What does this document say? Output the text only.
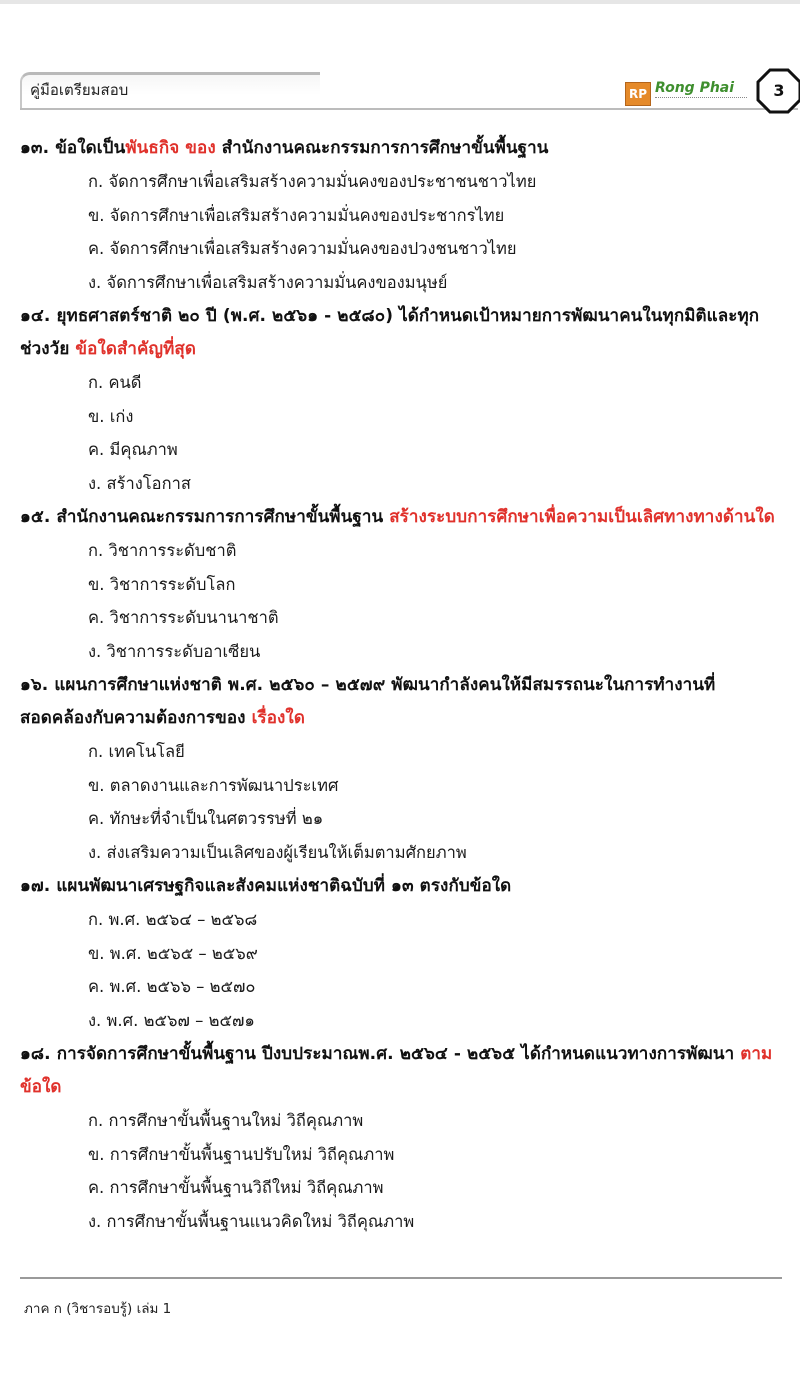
คู่มือเตรียมสอบ	RP Rong Phai	3
๑๓. ข้อใดเป็นพันธกิจ ของ สำนักงานคณะกรรมการการศึกษาขั้นพื้นฐาน
ก. จัดการศึกษาเพื่อเสริมสร้างความมั่นคงของประชาชนชาวไทย
ข. จัดการศึกษาเพื่อเสริมสร้างความมั่นคงของประชากรไทย
ค. จัดการศึกษาเพื่อเสริมสร้างความมั่นคงของปวงชนชาวไทย
ง. จัดการศึกษาเพื่อเสริมสร้างความมั่นคงของมนุษย์
๑๔. ยุทธศาสตร์ชาติ ๒๐ ปี (พ.ศ. ๒๕๖๑ - ๒๕๘๐) ได้กำหนดเป้าหมายการพัฒนาคนในทุกมิติและทุกช่วงวัย ข้อใดสำคัญที่สุด
ก. คนดี
ข. เก่ง
ค. มีคุณภาพ
ง. สร้างโอกาส
๑๕. สำนักงานคณะกรรมการการศึกษาขั้นพื้นฐาน สร้างระบบการศึกษาเพื่อความเป็นเลิศทางทางด้านใด
ก. วิชาการระดับชาติ
ข. วิชาการระดับโลก
ค. วิชาการระดับนานาชาติ
ง. วิชาการระดับอาเซียน
๑๖. แผนการศึกษาแห่งชาติ พ.ศ. ๒๕๖๐ – ๒๕๗๙ พัฒนากำลังคนให้มีสมรรถนะในการทำงานที่สอดคล้องกับความต้องการของ เรื่องใด
ก. เทคโนโลยี
ข. ตลาดงานและการพัฒนาประเทศ
ค. ทักษะที่จำเป็นในศตวรรษที่ ๒๑
ง. ส่งเสริมความเป็นเลิศของผู้เรียนให้เต็มตามศักยภาพ
๑๗. แผนพัฒนาเศรษฐกิจและสังคมแห่งชาติฉบับที่ ๑๓ ตรงกับข้อใด
ก. พ.ศ. ๒๕๖๔ – ๒๕๖๘
ข. พ.ศ. ๒๕๖๕ – ๒๕๖๙
ค. พ.ศ. ๒๕๖๖ – ๒๕๗๐
ง. พ.ศ. ๒๕๖๗ – ๒๕๗๑
๑๘. การจัดการศึกษาขั้นพื้นฐาน ปีงบประมาณพ.ศ. ๒๕๖๔ - ๒๕๖๕ ได้กำหนดแนวทางการพัฒนา ตามข้อใด
ก. การศึกษาขั้นพื้นฐานใหม่ วิถีคุณภาพ
ข. การศึกษาขั้นพื้นฐานปรับใหม่ วิถีคุณภาพ
ค. การศึกษาขั้นพื้นฐานวิถีใหม่ วิถีคุณภาพ
ง. การศึกษาขั้นพื้นฐานแนวคิดใหม่ วิถีคุณภาพ
ภาค ก (วิชารอบรู้) เล่ม 1
